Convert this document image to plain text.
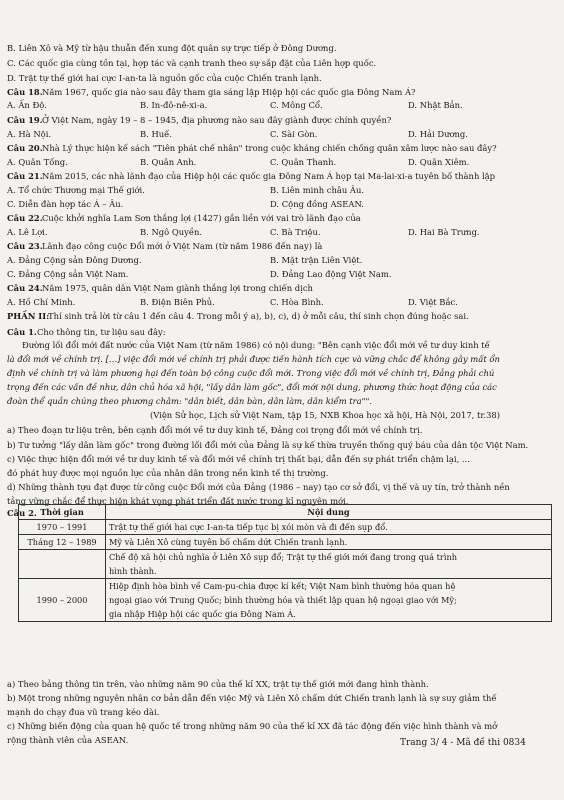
B. Liên Xô và Mỹ từ hậu thuẫn đến xung đột quân sự trực tiếp ở Đông Dương.
C. Các quốc gia cùng tồn tại, hợp tác và cạnh tranh theo sự sắp đặt của Liên hợp quốc.
D. Trật tự thế giới hai cực I-an-ta là nguồn gốc của cuộc Chiến tranh lạnh.
Câu 18. Năm 1967, quốc gia nào sau đây tham gia sáng lập Hiệp hội các quốc gia Đông Nam Á?
A. Ấn Độ.	B. In-đô-nê-xi-a.	C. Mông Cổ.	D. Nhật Bản.
Câu 19. Ở Việt Nam, ngày 19 – 8 – 1945, địa phương nào sau đây giành được chính quyền?
A. Hà Nội.	B. Huế.	C. Sài Gòn.	D. Hải Dương.
Câu 20. Nhà Lý thực hiện kế sách "Tiên phát chế nhân" trong cuộc kháng chiến chống quân xâm lược nào sau đây?
A. Quân Tống.	B. Quân Anh.	C. Quân Thanh.	D. Quân Xiêm.
Câu 21. Năm 2015, các nhà lãnh đạo của Hiệp hội các quốc gia Đông Nam Á họp tại Ma-lai-xi-a tuyên bố thành lập
A. Tổ chức Thương mại Thế giới.	B. Liên minh châu Âu.
C. Diễn đàn hợp tác Á – Âu.	D. Cộng đồng ASEAN.
Câu 22. Cuộc khởi nghĩa Lam Sơn thắng lợi (1427) gắn liền với vai trò lãnh đạo của
A. Lê Lợi.	B. Ngô Quyền.	C. Bà Triệu.	D. Hai Bà Trưng.
Câu 23. Lãnh đạo công cuộc Đổi mới ở Việt Nam (từ năm 1986 đến nay) là
A. Đảng Cộng sản Đông Dương.	B. Mặt trận Liên Việt.
C. Đảng Cộng sản Việt Nam.	D. Đảng Lao động Việt Nam.
Câu 24. Năm 1975, quân dân Việt Nam giành thắng lợi trong chiến dịch
A. Hồ Chí Minh.	B. Điện Biên Phủ.	C. Hòa Bình.	D. Việt Bắc.
PHẦN II:
Thí sinh trả lời từ câu 1 đến câu 4. Trong mỗi ý a), b), c), d) ở mỗi câu, thí sinh chọn đúng hoặc sai.
Câu 1. Cho thông tin, tư liệu sau đây:
Đường lối đổi mới đất nước của Việt Nam (từ năm 1986) có nội dung: "Bên cạnh việc đổi mới về tư duy kinh tế
là đổi mới về chính trị. […] việc đổi mới về chính trị phải được tiến hành tích cực và vững chắc để không gây mất ổn
định về chính trị và làm phương hại đến toàn bộ công cuộc đổi mới. Trong việc đổi mới về chính trị, Đảng phải chú
trọng đến các vấn đề như, dân chủ hóa xã hội, "lấy dân làm gốc", đổi mới nội dung, phương thức hoạt động của các
đoàn thể quần chúng theo phương châm: "dân biết, dân bàn, dân làm, dân kiểm tra"".
(Viện Sử học, Lịch sử Việt Nam, tập 15, NXB Khoa học xã hội, Hà Nội, 2017, tr.38)
a) Theo đoạn tư liệu trên, bên cạnh đổi mới về tư duy kinh tế, Đảng coi trọng đổi mới về chính trị.
b) Tư tưởng "lấy dân làm gốc" trong đường lối đổi mới của Đảng là sự kế thừa truyền thống quý báu của dân tộc Việt Nam.
c) Việc thực hiện đổi mới về tư duy kinh tế và đổi mới về chính trị thất bại, dẫn đến sự phát triển chậm lại, ...
đó phát huy được mọi nguồn lực của nhân dân trong nền kinh tế thị trường.
d) Những thành tựu đạt được từ công cuộc Đổi mới của Đảng (1986 – nay) tạo cơ sở đổi, vị thế và uy tín, trở thành nền
tảng vững chắc để thực hiện khát vọng phát triển đất nước trong kỉ nguyên mới.
a) Theo bảng thông tin trên, vào những năm 90 của thế kỉ XX, trật tự thế giới mới đang hình thành.
b) Một trong những nguyên nhân cơ bản dẫn đến việc Mỹ và Liên Xô chấm dứt Chiến tranh lạnh là sự suy giảm thế
mạnh do chạy đua vũ trang kéo dài.
c) Những biến động của quan hệ quốc tế trong những năm 90 của thế kỉ XX đã tác động đến việc hình thành và mở
rộng thành viên của ASEAN.
Câu 2. Thời gian	Nội dung
1970 – 1991	Trật tự thế giới hai cực I-an-ta tiếp tục bị xói mòn và đi đến sụp đổ.

Tháng 12 – 1989	Mỹ và Liên Xô cùng tuyên bố chấm dứt Chiến tranh lạnh.

	Chế độ xã hội chủ nghĩa ở Liên Xô sụp đổ; Trật tự thế giới mới đang trong quá trình
hình thành.

1990 – 2000	Hiệp định hòa bình về Cam-pu-chia được kí kết; Việt Nam bình thường hóa quan hệ
ngoại giao với Trung Quốc; bình thường hóa và thiết lập quan hệ ngoại giao với Mỹ;
gia nhập Hiệp hội các quốc gia Đông Nam Á.
Trang 3/ 4 - Mã đề thi 0834
